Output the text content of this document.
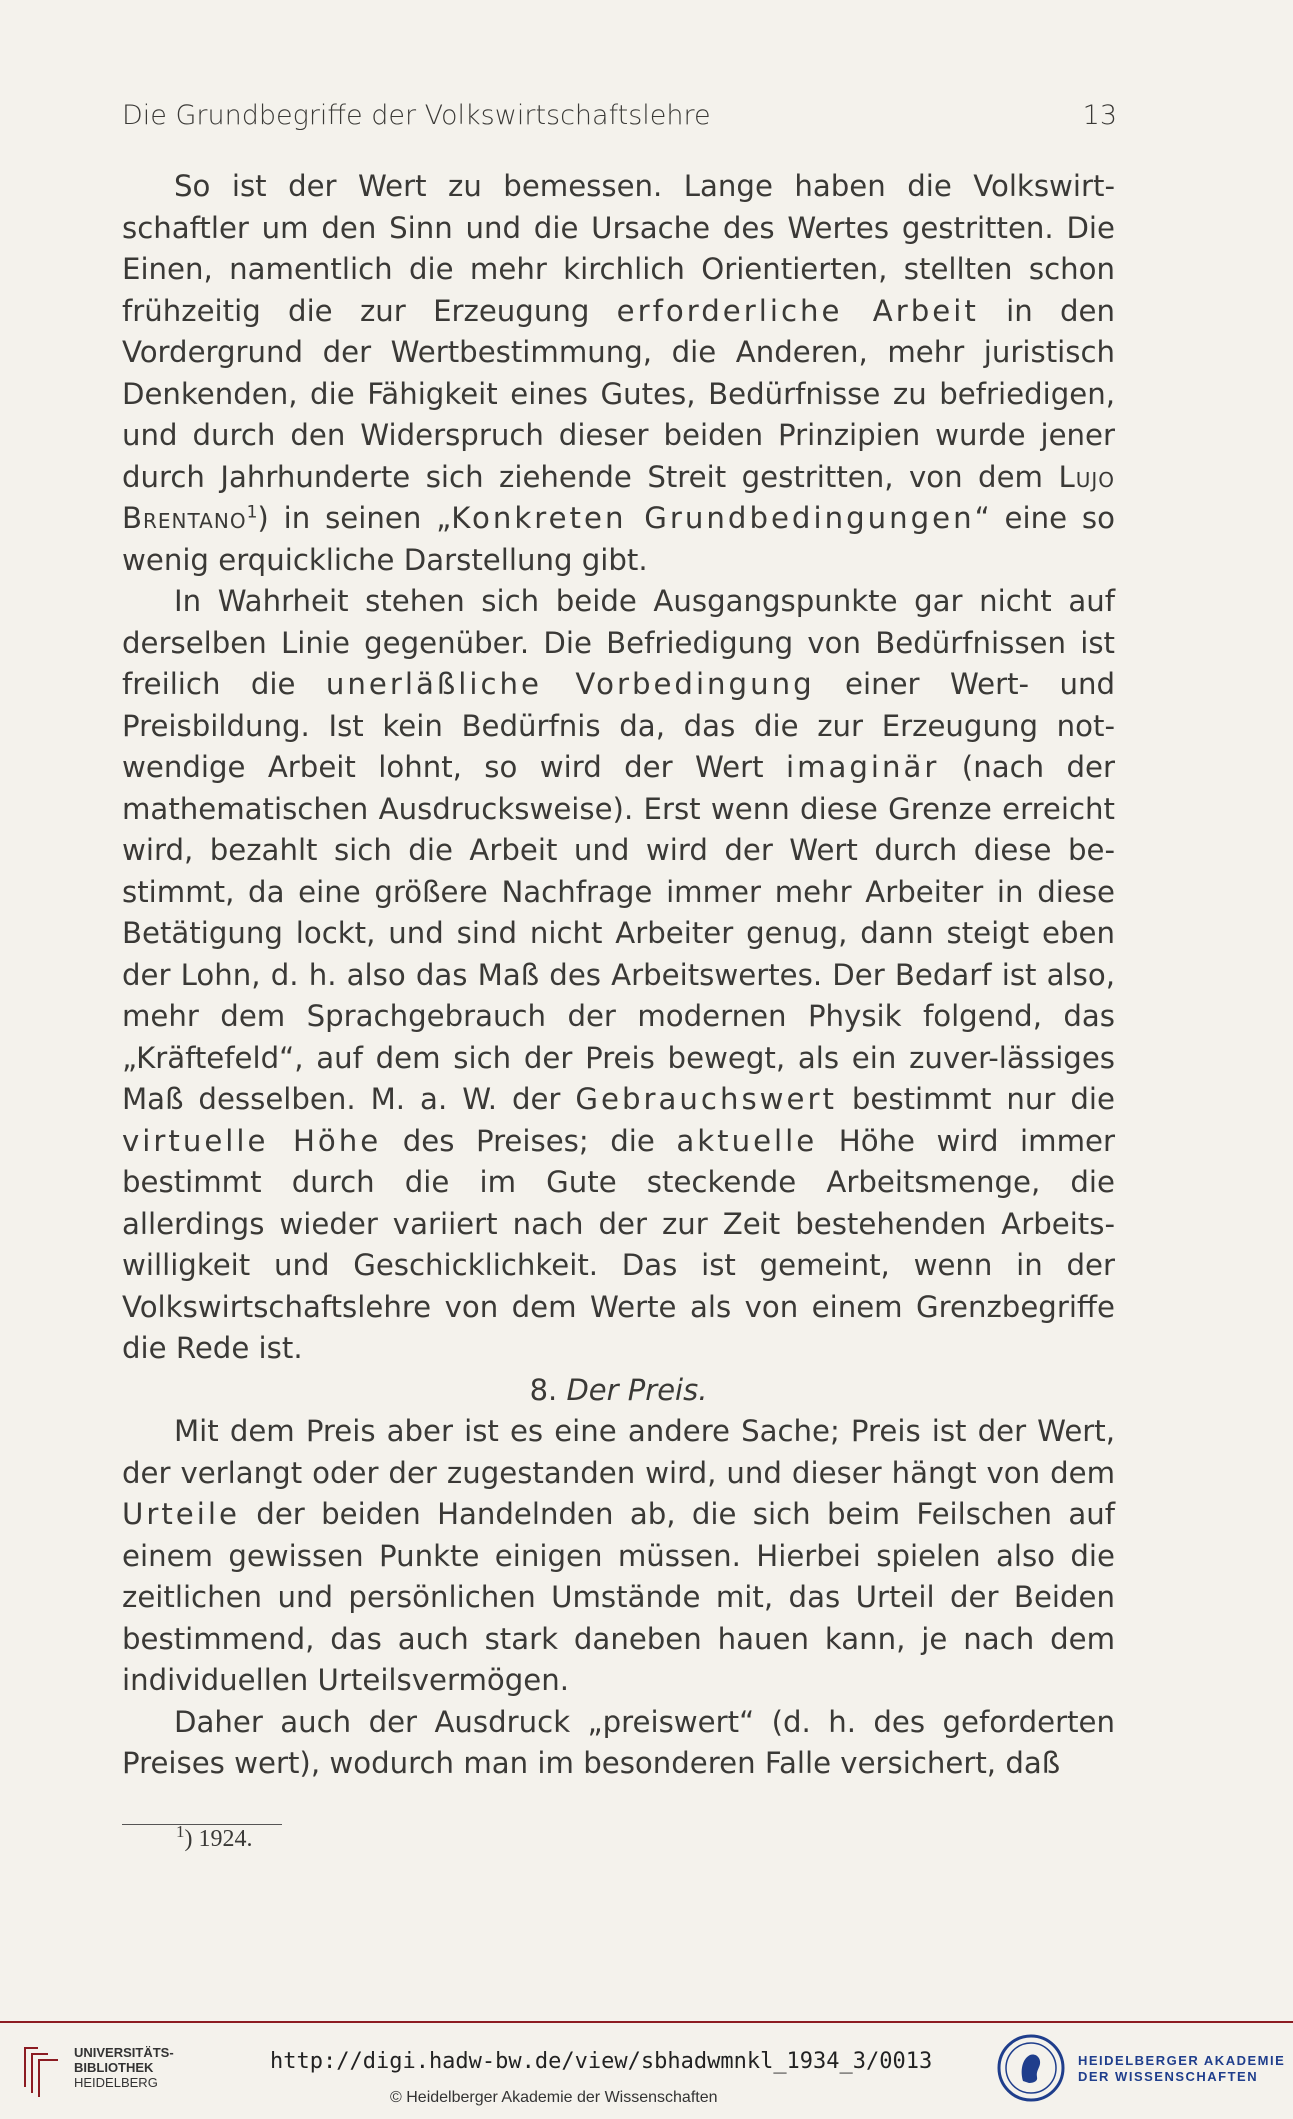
Die Grundbegriffe der Volkswirtschaftslehre	13

So ist der Wert zu bemessen. Lange haben die Volkswirt-schaftler um den Sinn und die Ursache des Wertes gestritten. Die Einen, namentlich die mehr kirchlich Orientierten, stellten schon frühzeitig die zur Erzeugung erforderliche Arbeit in den Vordergrund der Wertbestimmung, die Anderen, mehr juristisch Denkenden, die Fähigkeit eines Gutes, Bedürfnisse zu befriedigen, und durch den Widerspruch dieser beiden Prinzipien wurde jener durch Jahrhunderte sich ziehende Streit gestritten, von dem Lujo Brentano$^1$) in seinen „Konkreten Grundbedingungen“ eine so wenig erquickliche Darstellung gibt.

In Wahrheit stehen sich beide Ausgangspunkte gar nicht auf derselben Linie gegenüber. Die Befriedigung von Bedürfnissen ist freilich die unerläßliche Vorbedingung einer Wert- und Preisbildung. Ist kein Bedürfnis da, das die zur Erzeugung not-wendige Arbeit lohnt, so wird der Wert imaginär (nach der mathematischen Ausdrucksweise). Erst wenn diese Grenze erreicht wird, bezahlt sich die Arbeit und wird der Wert durch diese be-stimmt, da eine größere Nachfrage immer mehr Arbeiter in diese Betätigung lockt, und sind nicht Arbeiter genug, dann steigt eben der Lohn, d. h. also das Maß des Arbeitswertes. Der Bedarf ist also, mehr dem Sprachgebrauch der modernen Physik folgend, das „Kräftefeld“, auf dem sich der Preis bewegt, als ein zuver-lässiges Maß desselben. M. a. W. der Gebrauchswert bestimmt nur die virtuelle Höhe des Preises; die aktuelle Höhe wird immer bestimmt durch die im Gute steckende Arbeitsmenge, die allerdings wieder variiert nach der zur Zeit bestehenden Arbeits-willigkeit und Geschicklichkeit. Das ist gemeint, wenn in der Volkswirtschaftslehre von dem Werte als von einem Grenzbegriffe die Rede ist.

8. Der Preis.

Mit dem Preis aber ist es eine andere Sache; Preis ist der Wert, der verlangt oder der zugestanden wird, und dieser hängt von dem Urteile der beiden Handelnden ab, die sich beim Feilschen auf einem gewissen Punkte einigen müssen. Hierbei spielen also die zeitlichen und persönlichen Umstände mit, das Urteil der Beiden bestimmend, das auch stark daneben hauen kann, je nach dem individuellen Urteilsvermögen.

Daher auch der Ausdruck „preiswert“ (d. h. des geforderten Preises wert), wodurch man im besonderen Falle versichert, daß

$^1$) 1924.
UNIVERSITÄTS-
BIBLIOTHEK
HEIDELBERG
http://digi.hadw-bw.de/view/sbhadwmnkl_1934_3/0013
© Heidelberger Akademie der Wissenschaften
HEIDELBERGER AKADEMIE
DER WISSENSCHAFTEN
